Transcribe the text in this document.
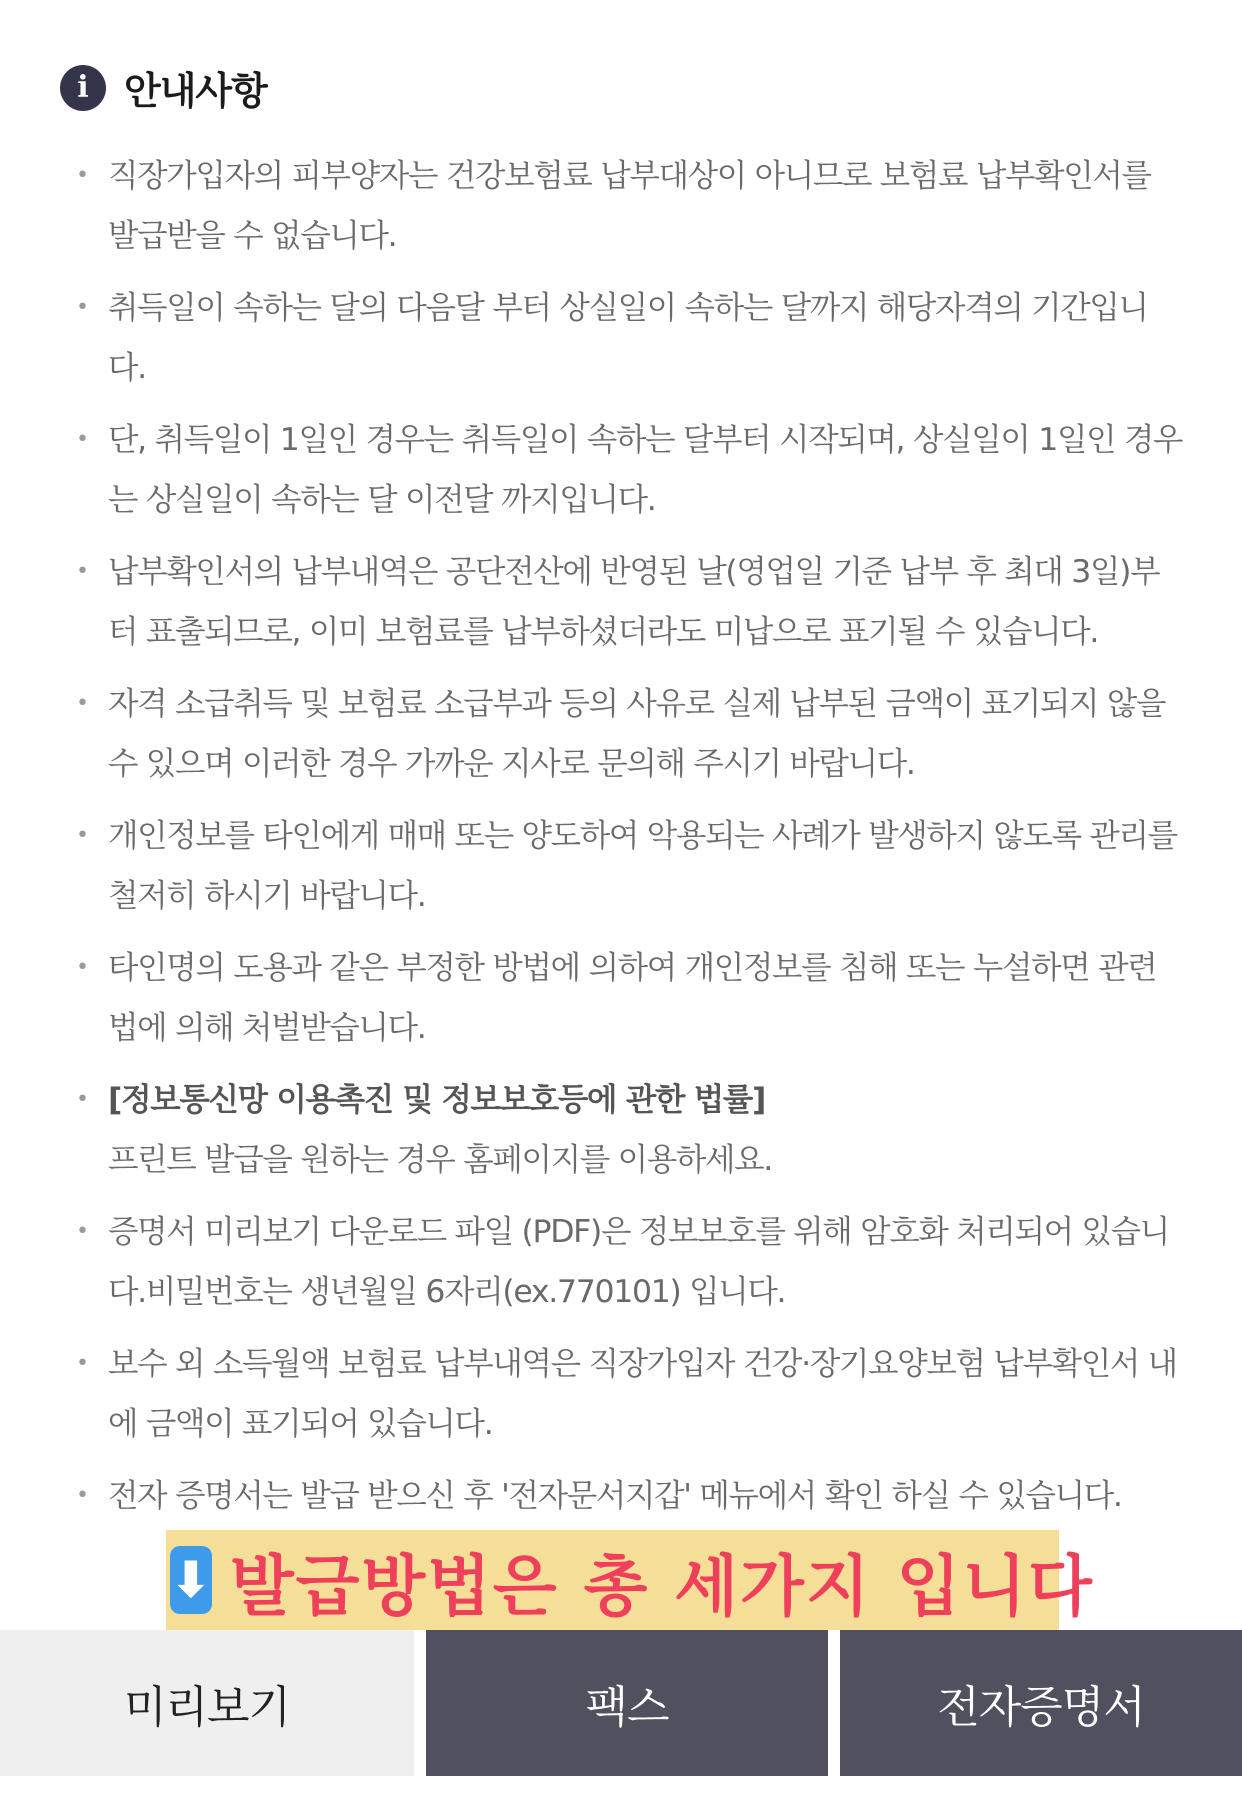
i 안내사항
• 직장가입자의 피부양자는 건강보험료 납부대상이 아니므로 보험료 납부확인서를 발급받을 수 없습니다.
• 취득일이 속하는 달의 다음달 부터 상실일이 속하는 달까지 해당자격의 기간입니다.
• 단, 취득일이 1일인 경우는 취득일이 속하는 달부터 시작되며, 상실일이 1일인 경우는 상실일이 속하는 달 이전달 까지입니다.
• 납부확인서의 납부내역은 공단전산에 반영된 날(영업일 기준 납부 후 최대 3일)부터 표출되므로, 이미 보험료를 납부하셨더라도 미납으로 표기될 수 있습니다.
• 자격 소급취득 및 보험료 소급부과 등의 사유로 실제 납부된 금액이 표기되지 않을 수 있으며 이러한 경우 가까운 지사로 문의해 주시기 바랍니다.
• 개인정보를 타인에게 매매 또는 양도하여 악용되는 사례가 발생하지 않도록 관리를 철저히 하시기 바랍니다.
• 타인명의 도용과 같은 부정한 방법에 의하여 개인정보를 침해 또는 누설하면 관련법에 의해 처벌받습니다.
• [정보통신망 이용촉진 및 정보보호등에 관한 법률]
프린트 발급을 원하는 경우 홈페이지를 이용하세요.
• 증명서 미리보기 다운로드 파일 (PDF)은 정보보호를 위해 암호화 처리되어 있습니다.비밀번호는 생년월일 6자리(ex.770101) 입니다.
• 보수 외 소득월액 보험료 납부내역은 직장가입자 건강·장기요양보험 납부확인서 내에 금액이 표기되어 있습니다.
• 전자 증명서는 발급 받으신 후 '전자문서지갑' 메뉴에서 확인 하실 수 있습니다.
⬇ 발급방법은 총 세가지 입니다
미리보기	팩스	전자증명서
